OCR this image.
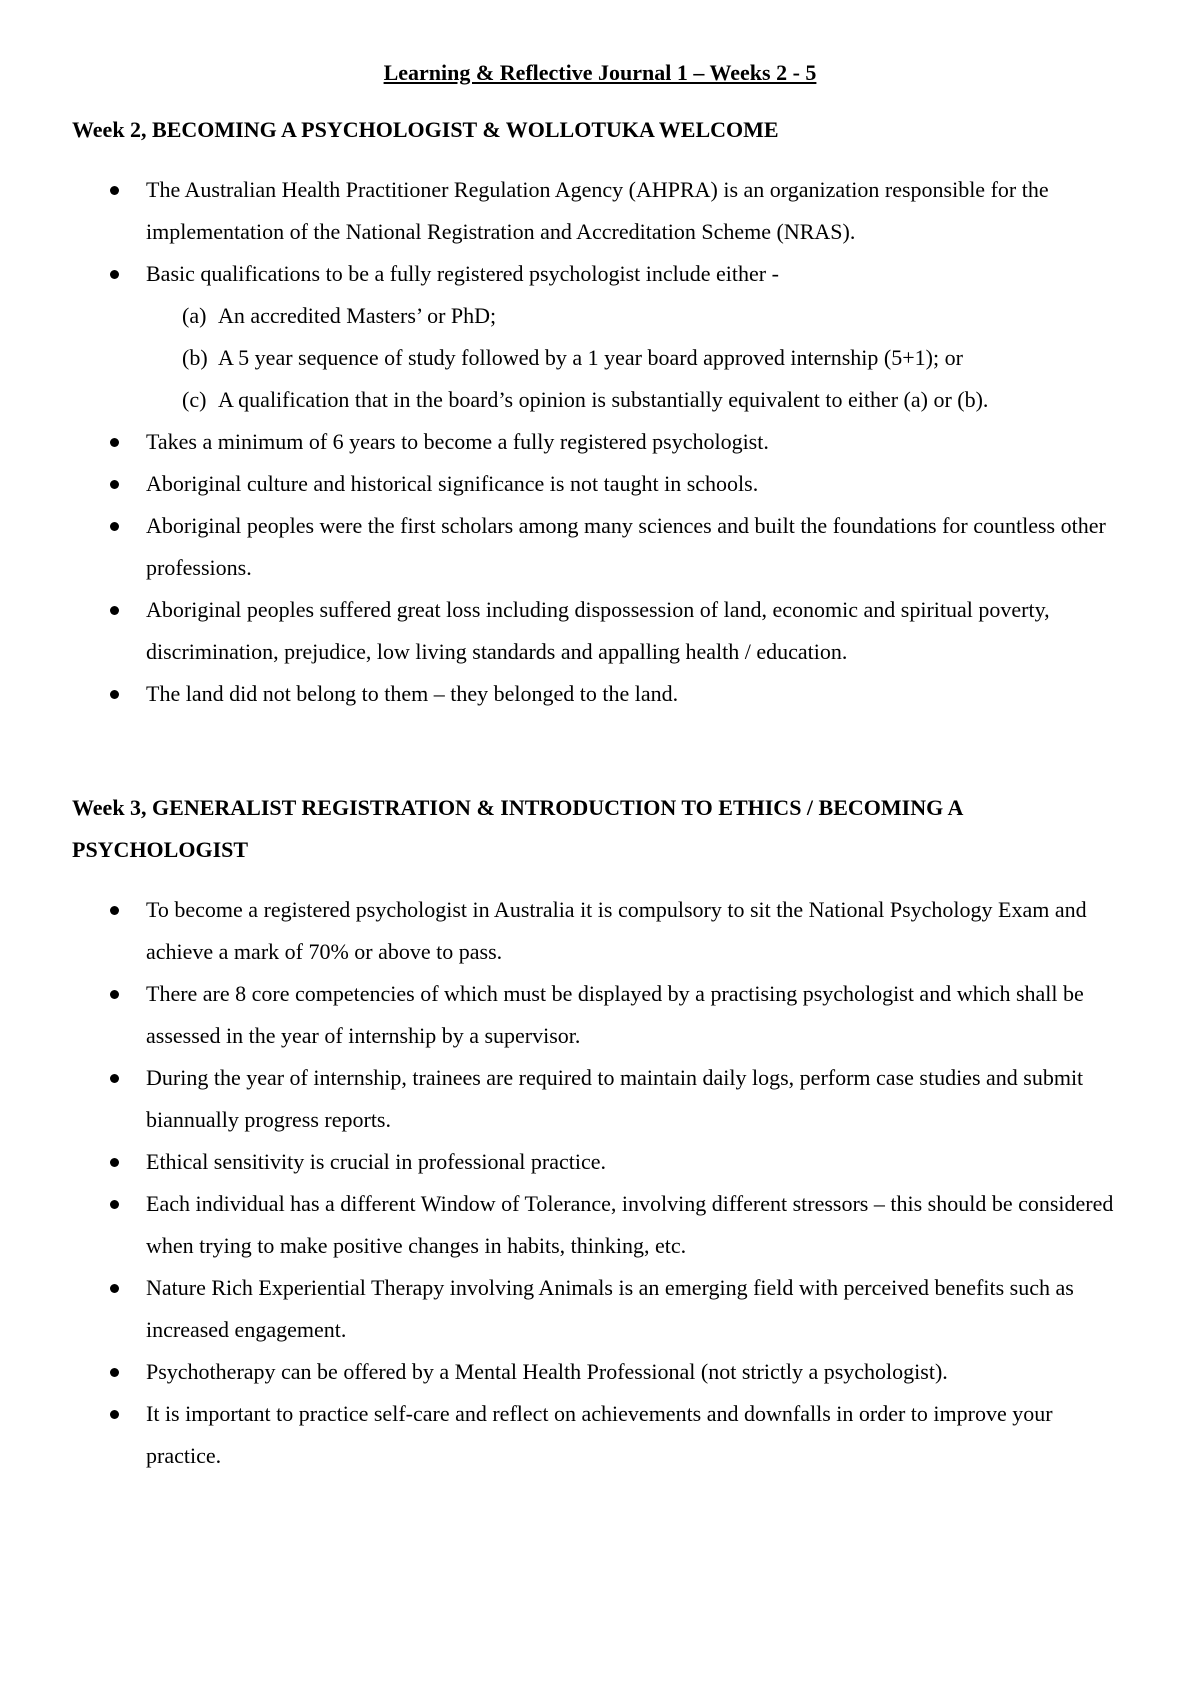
Learning & Reflective Journal 1 – Weeks 2 - 5
Week 2, BECOMING A PSYCHOLOGIST & WOLLOTUKA WELCOME
The Australian Health Practitioner Regulation Agency (AHPRA) is an organization responsible for the implementation of the National Registration and Accreditation Scheme (NRAS).
Basic qualifications to be a fully registered psychologist include either -
(a) An accredited Masters’ or PhD;
(b) A 5 year sequence of study followed by a 1 year board approved internship (5+1); or
(c) A qualification that in the board’s opinion is substantially equivalent to either (a) or (b).
Takes a minimum of 6 years to become a fully registered psychologist.
Aboriginal culture and historical significance is not taught in schools.
Aboriginal peoples were the first scholars among many sciences and built the foundations for countless other professions.
Aboriginal peoples suffered great loss including dispossession of land, economic and spiritual poverty, discrimination, prejudice, low living standards and appalling health / education.
The land did not belong to them – they belonged to the land.
Week 3, GENERALIST REGISTRATION & INTRODUCTION TO ETHICS / BECOMING A PSYCHOLOGIST
To become a registered psychologist in Australia it is compulsory to sit the National Psychology Exam and achieve a mark of 70% or above to pass.
There are 8 core competencies of which must be displayed by a practising psychologist and which shall be assessed in the year of internship by a supervisor.
During the year of internship, trainees are required to maintain daily logs, perform case studies and submit biannually progress reports.
Ethical sensitivity is crucial in professional practice.
Each individual has a different Window of Tolerance, involving different stressors – this should be considered when trying to make positive changes in habits, thinking, etc.
Nature Rich Experiential Therapy involving Animals is an emerging field with perceived benefits such as increased engagement.
Psychotherapy can be offered by a Mental Health Professional (not strictly a psychologist).
It is important to practice self-care and reflect on achievements and downfalls in order to improve your practice.
